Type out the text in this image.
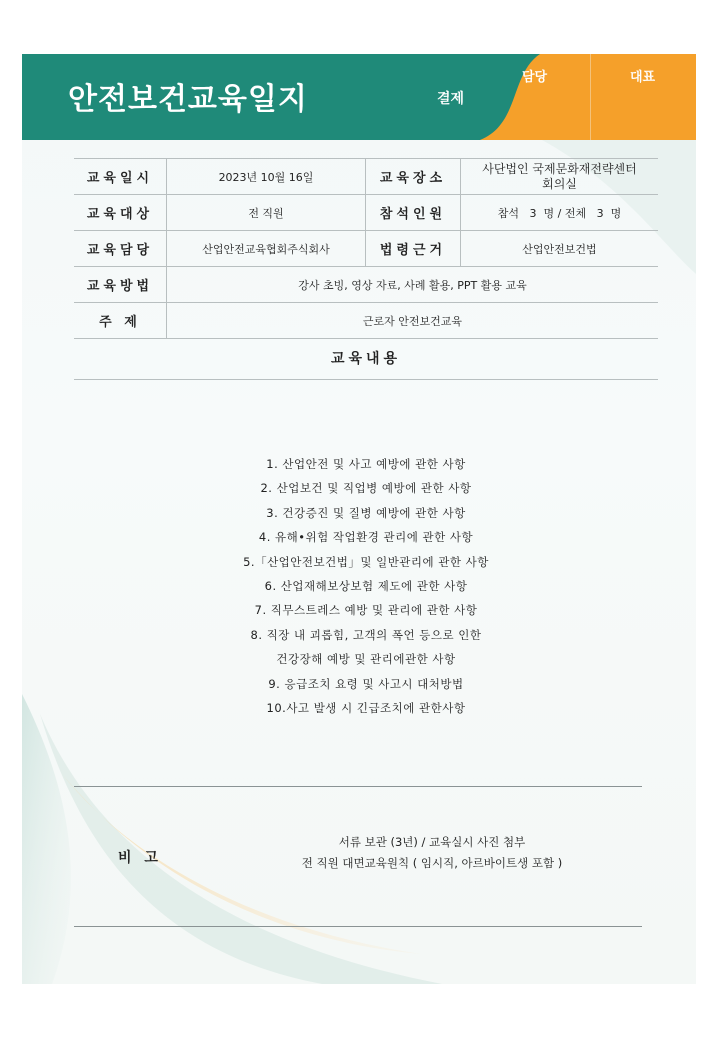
안전보건교육일지	결제
담당	대표
교육일시	2023년 10월 16일	교육장소	사단법인 국제문화재전략센터
회의실

교육대상	전 직원	참석인원	참석   3  명 / 전체   3  명
교육담당	산업안전교육협회주식회사	법령근거	산업안전보건법
교육방법	강사 초빙, 영상 자료, 사례 활용, PPT 활용 교육		
주 제	근로자 안전보건교육		
교육내용
1. 산업안전 및 사고 예방에 관한 사항
2. 산업보건 및 직업병 예방에 관한 사항
3. 건강증진 및 질병 예방에 관한 사항
4. 유해•위험 작업환경 관리에 관한 사항
5.「산업안전보건법」및 일반관리에 관한 사항
6. 산업재해보상보험 제도에 관한 사항
7. 직무스트레스 예방 및 관리에 관한 사항
8. 직장 내 괴롭힘, 고객의 폭언 등으로 인한
건강장해 예방 및 관리에관한 사항
9. 응급조치 요령 및 사고시 대처방법
10.사고 발생 시 긴급조치에 관한사항
비 고
서류 보관 (3년) / 교육실시 사진 첨부
전 직원 대면교육원칙 ( 임시직, 아르바이트생 포함 )
